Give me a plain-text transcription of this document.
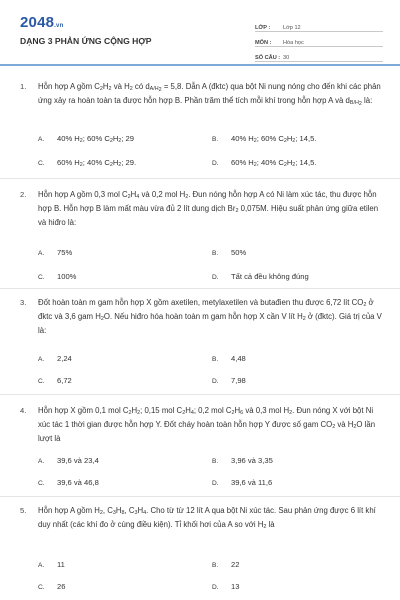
2048.vn
DẠNG 3 PHẢN ỨNG CỘNG HỢP
LỚP :	Lớp 12
MÔN :	Hóa học
SỐ CÂU : 30
1. Hỗn hợp A gồm $C_2H_2$ và $H_2$ có $d_{A/H_2} = 5,8$. Dẫn A (đktc) qua bột Ni nung nóng cho đến khi các phản ứng xảy ra hoàn toàn ta được hỗn hợp B. Phần trăm thể tích mỗi khí trong hỗn hợp A và $d_{B/H_2}$ là:
A. 40% $H_2$; 60% $C_2H_2$; 29	B. 40% $H_2$; 60% $C_2H_2$; 14,5.
C. 60% $H_2$; 40% $C_2H_2$; 29.	D. 60% $H_2$; 40% $C_2H_2$; 14,5.
2. Hỗn hợp A gồm 0,3 mol $C_2H_4$ và 0,2 mol $H_2$. Đun nóng hỗn hợp A có Ni làm xúc tác, thu được hỗn hợp B. Hỗn hợp B làm mất màu vừa đủ 2 lít dung dịch $Br_2$ 0,075M. Hiệu suất phản ứng giữa etilen và hiđro là:
A. 75%	B. 50%
C. 100%	D. Tất cả đều không đúng
3. Đốt hoàn toàn m gam hỗn hợp X gồm axetilen, metylaxetilen và butađien thu được 6,72 lít $CO_2$ ở đktc và 3,6 gam $H_2O$. Nếu hiđro hóa hoàn toàn m gam hỗn hợp X cần V lít $H_2$ ở (đktc). Giá trị của V là:
A. 2,24	B. 4,48
C. 6,72	D. 7,98
4. Hỗn hợp X gồm 0,1 mol $C_2H_2$; 0,15 mol $C_2H_4$; 0,2 mol $C_2H_6$ và 0,3 mol $H_2$. Đun nóng X với bột Ni xúc tác 1 thời gian được hỗn hợp Y. Đốt cháy hoàn toàn hỗn hợp Y được số gam $CO_2$ và $H_2O$ lần lượt là
A. 39,6 và 23,4	B. 3,96 và 3,35
C. 39,6 và 46,8	D. 39,6 và 11,6
5. Hỗn hợp A gồm $H_2$, $C_3H_8$, $C_3H_4$. Cho từ từ 12 lít A qua bột Ni xúc tác. Sau phản ứng được 6 lít khí duy nhất (các khí đo ở cùng điều kiện). Tỉ khối hơi của A so với $H_2$ là
A. 11	B. 22
C. 26	D. 13
